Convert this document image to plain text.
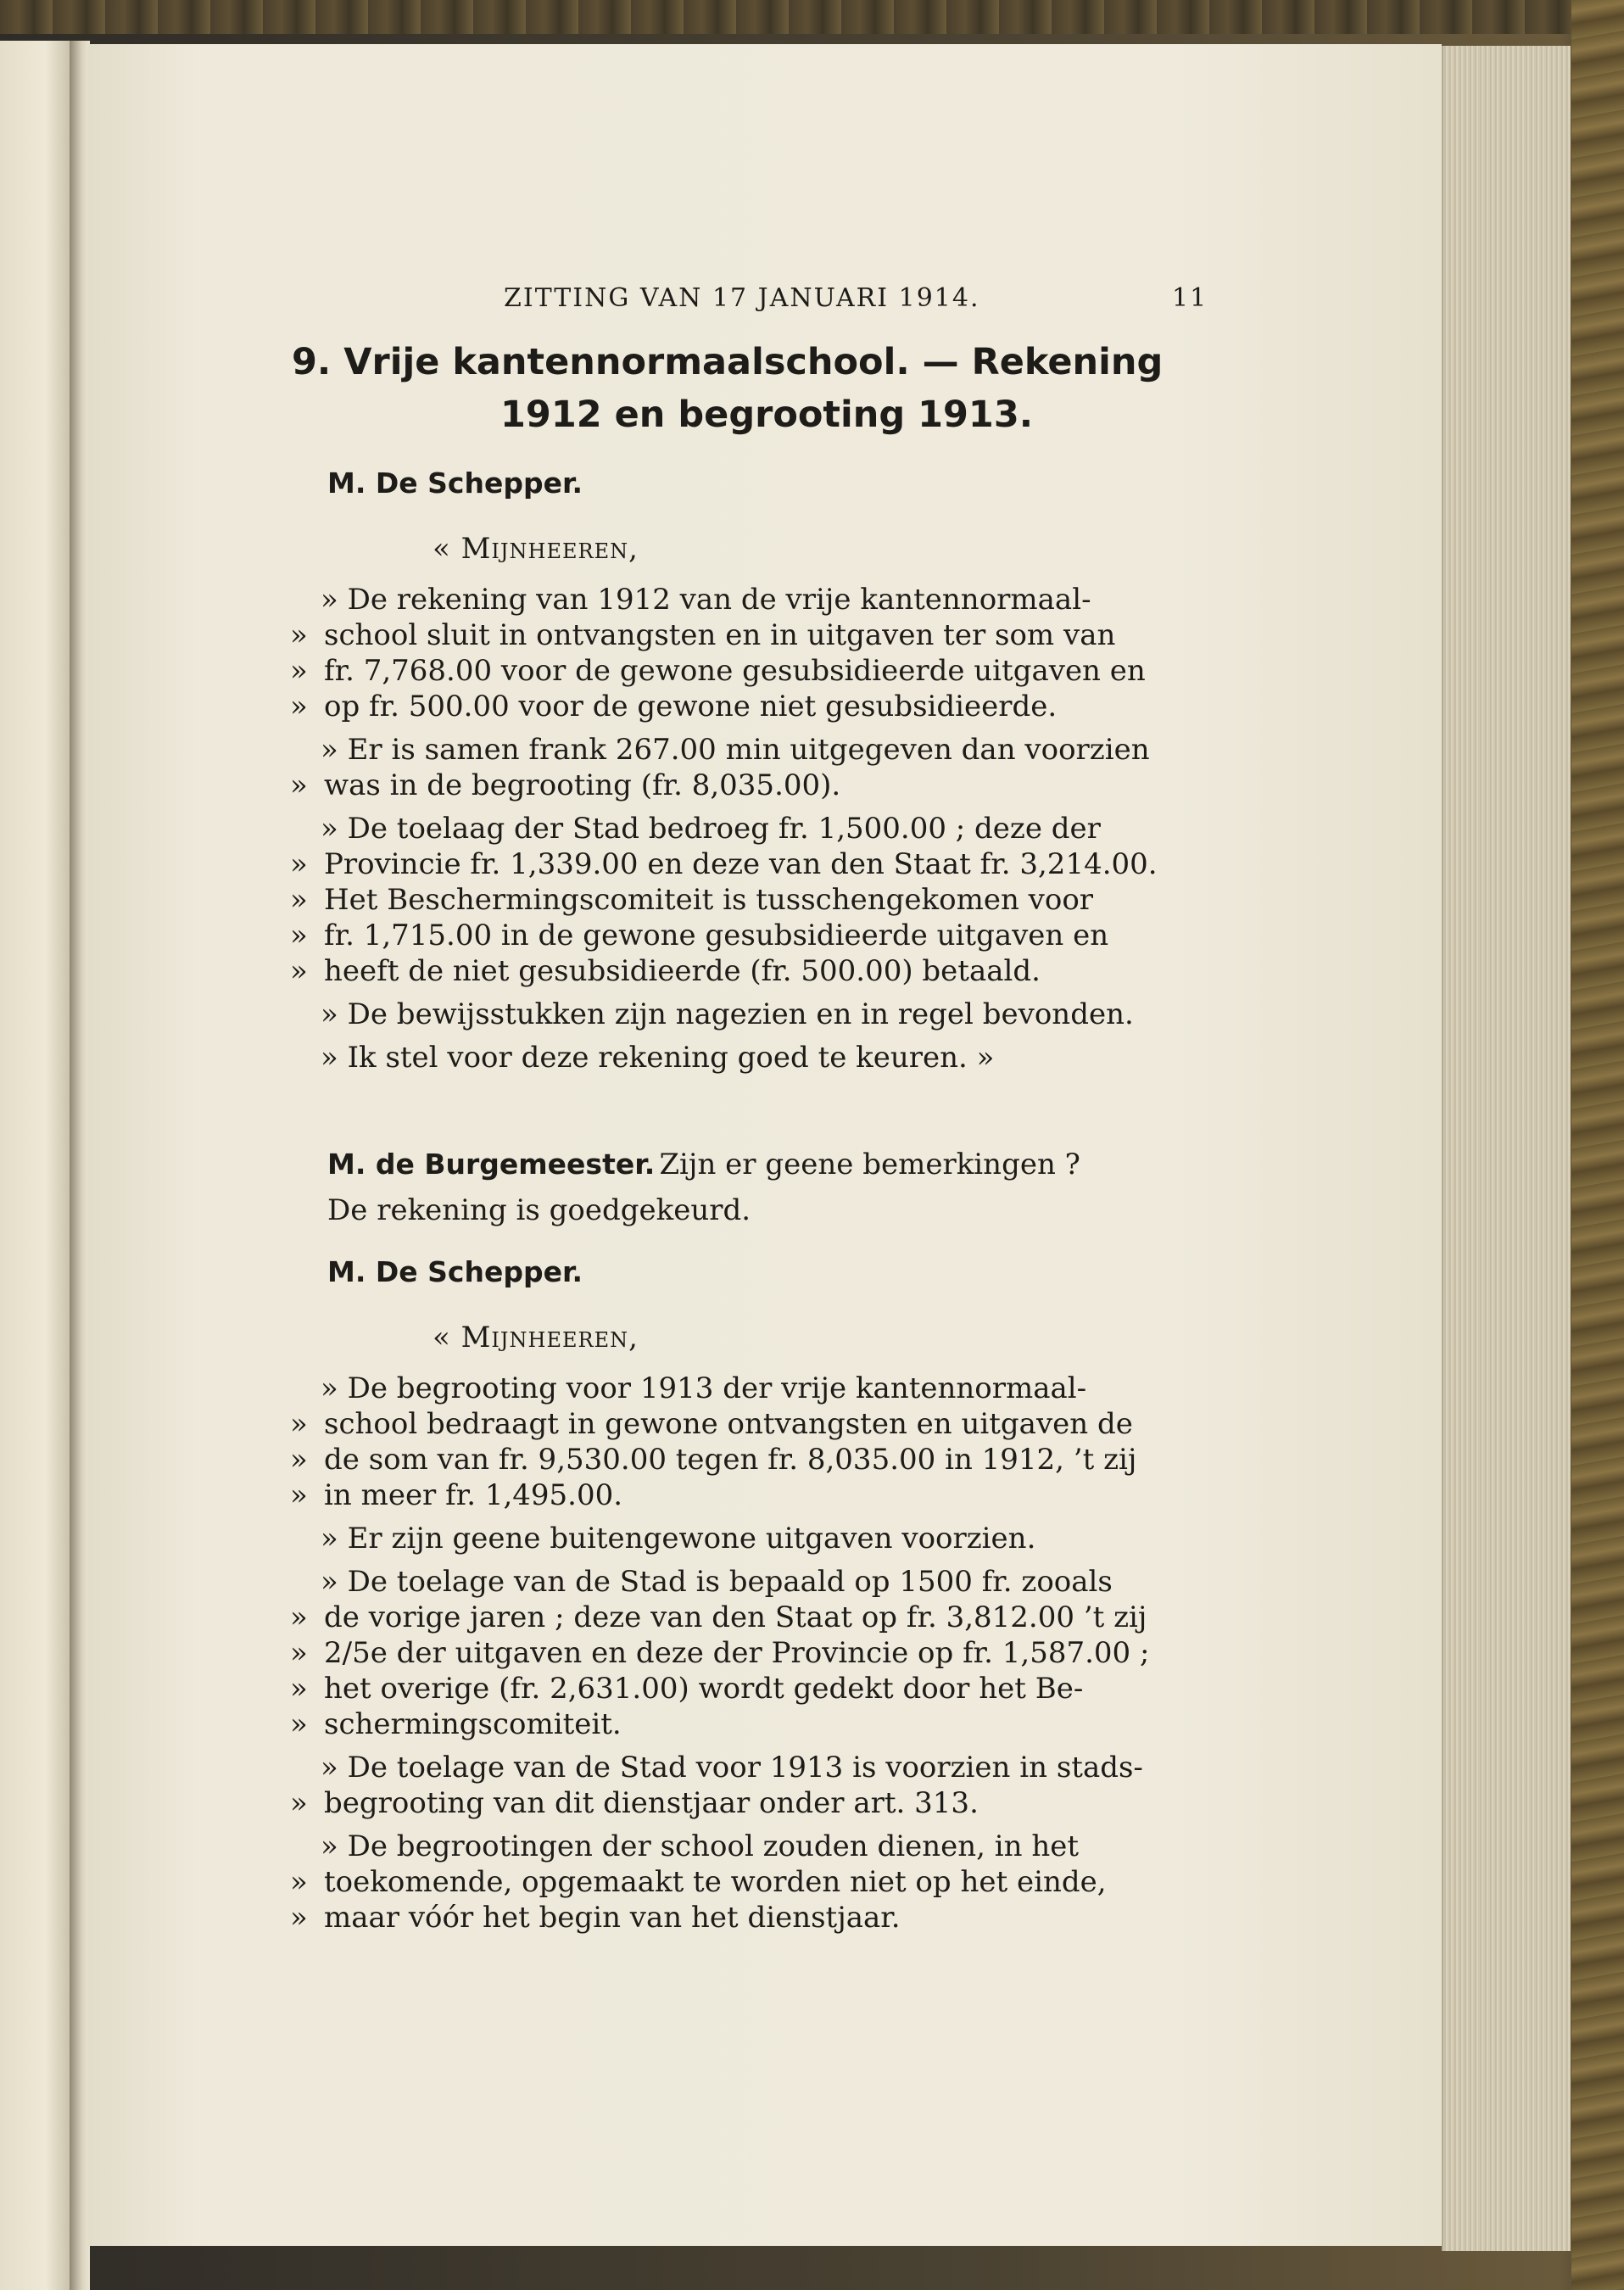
ZITTING VAN 17 JANUARI 1914.	11
9. Vrije kantennormaalschool. — Rekening
1912 en begrooting 1913.
M. De Schepper.
« Mijnheeren,
» De rekening van 1912 van de vrije kantennormaal-
» school sluit in ontvangsten en in uitgaven ter som van
» fr. 7,768.00 voor de gewone gesubsidieerde uitgaven en
» op fr. 500.00 voor de gewone niet gesubsidieerde.
» Er is samen frank 267.00 min uitgegeven dan voorzien
» was in de begrooting (fr. 8,035.00).
» De toelaag der Stad bedroeg fr. 1,500.00 ; deze der
» Provincie fr. 1,339.00 en deze van den Staat fr. 3,214.00.
» Het Beschermingscomiteit is tusschengekomen voor
» fr. 1,715.00 in de gewone gesubsidieerde uitgaven en
» heeft de niet gesubsidieerde (fr. 500.00) betaald.
» De bewijsstukken zijn nagezien en in regel bevonden.
» Ik stel voor deze rekening goed te keuren. »
M. de Burgemeester. Zijn er geene bemerkingen ?
De rekening is goedgekeurd.
M. De Schepper.
« Mijnheeren,
» De begrooting voor 1913 der vrije kantennormaal-
» school bedraagt in gewone ontvangsten en uitgaven de
» de som van fr. 9,530.00 tegen fr. 8,035.00 in 1912, ’t zij
» in meer fr. 1,495.00.
» Er zijn geene buitengewone uitgaven voorzien.
» De toelage van de Stad is bepaald op 1500 fr. zooals
» de vorige jaren ; deze van den Staat op fr. 3,812.00 ’t zij
» 2/5e der uitgaven en deze der Provincie op fr. 1,587.00 ;
» het overige (fr. 2,631.00) wordt gedekt door het Be-
» schermingscomiteit.
» De toelage van de Stad voor 1913 is voorzien in stads-
» begrooting van dit dienstjaar onder art. 313.
» De begrootingen der school zouden dienen, in het
» toekomende, opgemaakt te worden niet op het einde,
» maar vóór het begin van het dienstjaar.
